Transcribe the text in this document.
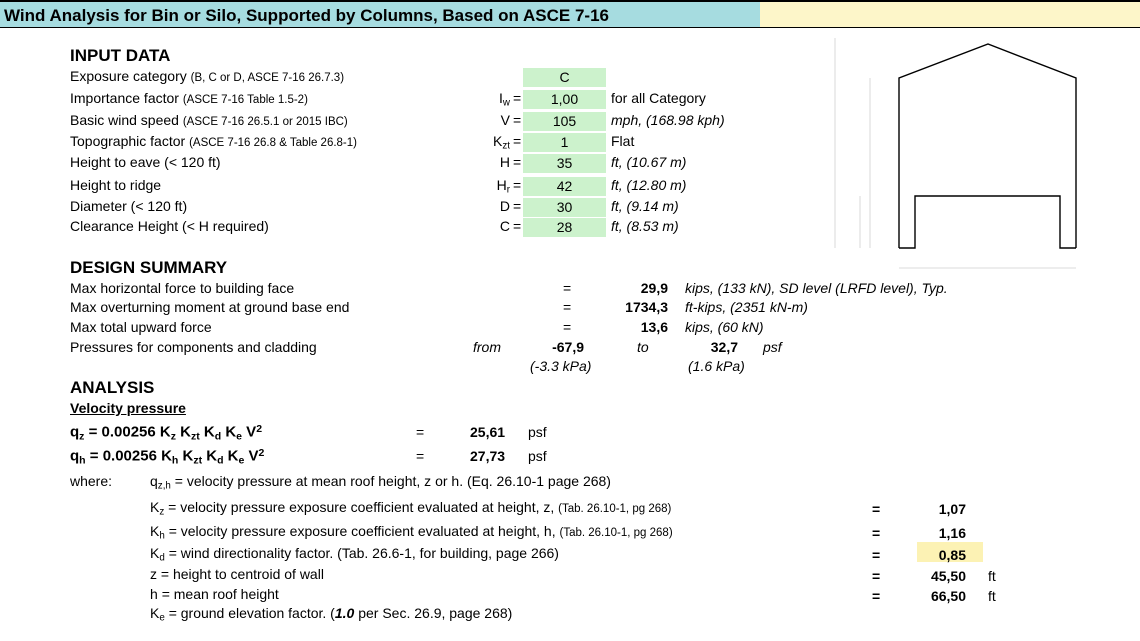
Wind Analysis for Bin or Silo, Supported by Columns, Based on ASCE 7-16
INPUT DATA
Exposure category (B, C or D, ASCE 7-16 26.7.3)	C
Importance factor (ASCE 7-16 Table 1.5-2)	$I_w$ =	1,00	for all Category
Basic wind speed (ASCE 7-16 26.5.1 or 2015 IBC)	V =	105	mph, (168.98 kph)
Topographic factor (ASCE 7-16 26.8 & Table 26.8-1)	$K_{zt}$ =	1	Flat
Height to eave (< 120 ft)	H =	35	ft, (10.67 m)
Height to ridge	$H_r$ =	42	ft, (12.80 m)
Diameter (< 120 ft)	D =	30	ft, (9.14 m)
Clearance Height (< H required)	C =	28	ft, (8.53 m)
DESIGN SUMMARY
Max horizontal force to building face	=	29,9 kips, (133 kN), SD level (LRFD level), Typ.
Max overturning moment at ground base end	=	1734,3 ft-kips, (2351 kN-m)
Max total upward force	=	13,6 kips, (60 kN)
Pressures for components and cladding	from	-67,9	to	32,7 psf
(-3.3 kPa)	(1.6 kPa)
ANALYSIS
Velocity pressure
$q_z = 0.00256$ $K_z$ $K_{zt}$ $K_d$ $K_e$ $V^2$	=	25,61 psf
$q_h = 0.00256$ $K_h$ $K_{zt}$ $K_d$ $K_e$ $V^2$	=	27,73 psf
where:	$q_{z,h}$ = velocity pressure at mean roof height, z or h. (Eq. 26.10-1 page 268)
$K_z$ = velocity pressure exposure coefficient evaluated at height, z, (Tab. 26.10-1, pg 268)	=	1,07
$K_h$ = velocity pressure exposure coefficient evaluated at height, h, (Tab. 26.10-1, pg 268)	=	1,16
$K_d$ = wind directionality factor. (Tab. 26.6-1, for building, page 266)	=	0,85
z = height to centroid of wall	=	45,50 ft
h = mean roof height	=	66,50 ft
$K_e$ = ground elevation factor. (1.0 per Sec. 26.9, page 268)
